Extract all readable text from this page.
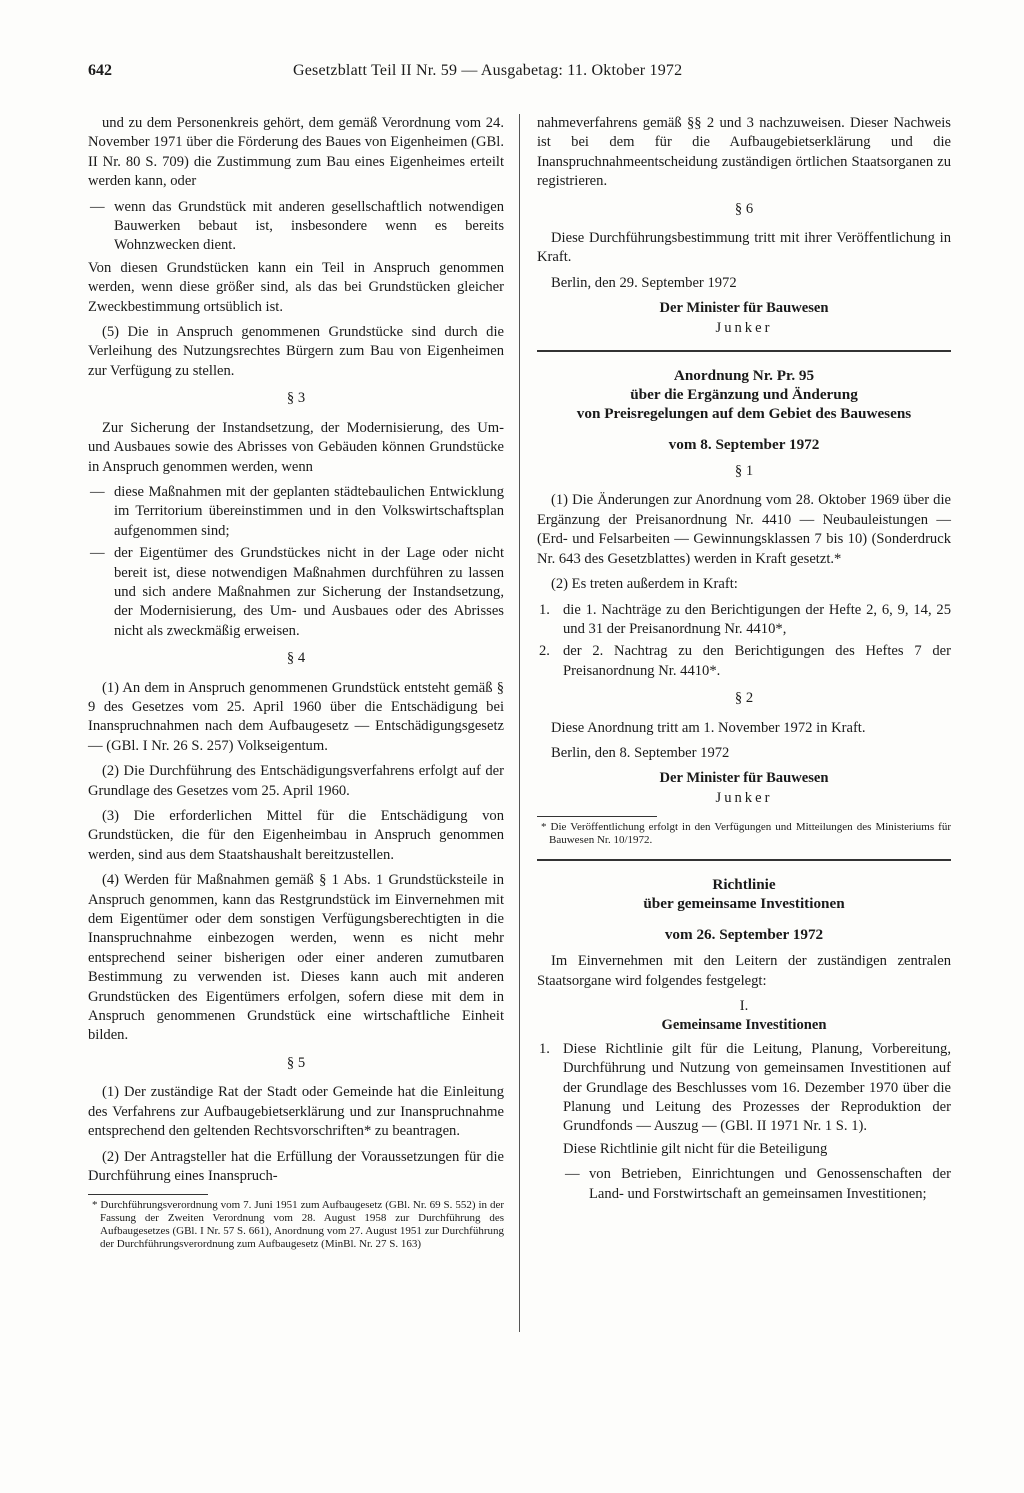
642	Gesetzblatt Teil II Nr. 59 — Ausgabetag: 11. Oktober 1972

und zu dem Personenkreis gehört, dem gemäß Verordnung vom 24. November 1971 über die Förderung des Baues von Eigenheimen (GBl. II Nr. 80 S. 709) die Zustimmung zum Bau eines Eigenheimes erteilt werden kann, oder

— wenn das Grundstück mit anderen gesellschaftlich notwendigen Bauwerken bebaut ist, insbesondere wenn es bereits Wohnzwecken dient.

Von diesen Grundstücken kann ein Teil in Anspruch genommen werden, wenn diese größer sind, als das bei Grundstücken gleicher Zweckbestimmung ortsüblich ist.

(5) Die in Anspruch genommenen Grundstücke sind durch die Verleihung des Nutzungsrechtes Bürgern zum Bau von Eigenheimen zur Verfügung zu stellen.

§ 3

Zur Sicherung der Instandsetzung, der Modernisierung, des Um- und Ausbaues sowie des Abrisses von Gebäuden können Grundstücke in Anspruch genommen werden, wenn

— diese Maßnahmen mit der geplanten städtebaulichen Entwicklung im Territorium übereinstimmen und in den Volkswirtschaftsplan aufgenommen sind;
— der Eigentümer des Grundstückes nicht in der Lage oder nicht bereit ist, diese notwendigen Maßnahmen durchführen zu lassen und sich andere Maßnahmen zur Sicherung der Instandsetzung, der Modernisierung, des Um- und Ausbaues oder des Abrisses nicht als zweckmäßig erweisen.

§ 4

(1) An dem in Anspruch genommenen Grundstück entsteht gemäß § 9 des Gesetzes vom 25. April 1960 über die Entschädigung bei Inanspruchnahmen nach dem Aufbaugesetz — Entschädigungsgesetz — (GBl. I Nr. 26 S. 257) Volkseigentum.

(2) Die Durchführung des Entschädigungsverfahrens erfolgt auf der Grundlage des Gesetzes vom 25. April 1960.

(3) Die erforderlichen Mittel für die Entschädigung von Grundstücken, die für den Eigenheimbau in Anspruch genommen werden, sind aus dem Staatshaushalt bereitzustellen.

(4) Werden für Maßnahmen gemäß § 1 Abs. 1 Grundstücksteile in Anspruch genommen, kann das Restgrundstück im Einvernehmen mit dem Eigentümer oder dem sonstigen Verfügungsberechtigten in die Inanspruchnahme einbezogen werden, wenn es nicht mehr entsprechend seiner bisherigen oder einer anderen zumutbaren Bestimmung zu verwenden ist. Dieses kann auch mit anderen Grundstücken des Eigentümers erfolgen, sofern diese mit dem in Anspruch genommenen Grundstück eine wirtschaftliche Einheit bilden.

§ 5

(1) Der zuständige Rat der Stadt oder Gemeinde hat die Einleitung des Verfahrens zur Aufbaugebietserklärung und zur Inanspruchnahme entsprechend den geltenden Rechtsvorschriften* zu beantragen.

(2) Der Antragsteller hat die Erfüllung der Voraussetzungen für die Durchführung eines Inanspruch-

* Durchführungsverordnung vom 7. Juni 1951 zum Aufbaugesetz (GBl. Nr. 69 S. 552) in der Fassung der Zweiten Verordnung vom 28. August 1958 zur Durchführung des Aufbaugesetzes (GBl. I Nr. 57 S. 661), Anordnung vom 27. August 1951 zur Durchführung der Durchführungsverordnung zum Aufbaugesetz (MinBl. Nr. 27 S. 163)

nahmeverfahrens gemäß §§ 2 und 3 nachzuweisen. Dieser Nachweis ist bei dem für die Aufbaugebietserklärung und die Inanspruchnahmeentscheidung zuständigen örtlichen Staatsorganen zu registrieren.

§ 6

Diese Durchführungsbestimmung tritt mit ihrer Veröffentlichung in Kraft.

Berlin, den 29. September 1972

Der Minister für Bauwesen

Junker

Anordnung Nr. Pr. 95

über die Ergänzung und Änderung

von Preisregelungen auf dem Gebiet des Bauwesens

vom 8. September 1972

§ 1

(1) Die Änderungen zur Anordnung vom 28. Oktober 1969 über die Ergänzung der Preisanordnung Nr. 4410 — Neubauleistungen — (Erd- und Felsarbeiten — Gewinnungsklassen 7 bis 10) (Sonderdruck Nr. 643 des Gesetzblattes) werden in Kraft gesetzt.*

(2) Es treten außerdem in Kraft:

1. die 1. Nachträge zu den Berichtigungen der Hefte 2, 6, 9, 14, 25 und 31 der Preisanordnung Nr. 4410*,
2. der 2. Nachtrag zu den Berichtigungen des Heftes 7 der Preisanordnung Nr. 4410*.

§ 2

Diese Anordnung tritt am 1. November 1972 in Kraft.

Berlin, den 8. September 1972

Der Minister für Bauwesen

Junker

* Die Veröffentlichung erfolgt in den Verfügungen und Mitteilungen des Ministeriums für Bauwesen Nr. 10/1972.

Richtlinie

über gemeinsame Investitionen

vom 26. September 1972

Im Einvernehmen mit den Leitern der zuständigen zentralen Staatsorgane wird folgendes festgelegt:

I.

Gemeinsame Investitionen

1. Diese Richtlinie gilt für die Leitung, Planung, Vorbereitung, Durchführung und Nutzung von gemeinsamen Investitionen auf der Grundlage des Beschlusses vom 16. Dezember 1970 über die Planung und Leitung des Prozesses der Reproduktion der Grundfonds — Auszug — (GBl. II 1971 Nr. 1 S. 1).

Diese Richtlinie gilt nicht für die Beteiligung

— von Betrieben, Einrichtungen und Genossenschaften der Land- und Forstwirtschaft an gemeinsamen Investitionen;
